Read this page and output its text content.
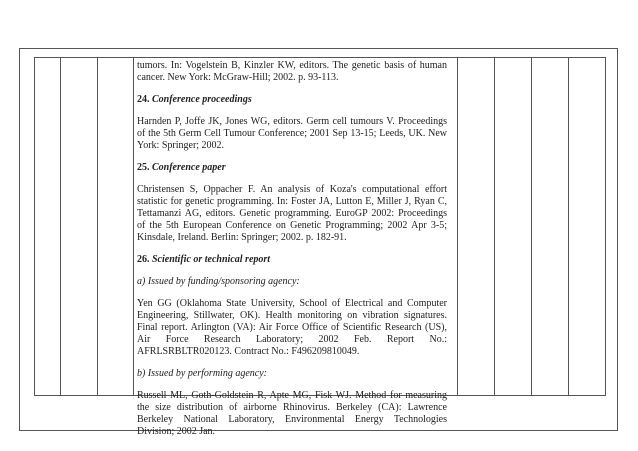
tumors. In: Vogelstein B, Kinzler KW, editors. The genetic basis of human cancer. New York: McGraw-Hill; 2002. p. 93-113.

24. Conference proceedings

Harnden P, Joffe JK, Jones WG, editors. Germ cell tumours V. Proceedings of the 5th Germ Cell Tumour Conference; 2001 Sep 13-15; Leeds, UK. New York: Springer; 2002.

25. Conference paper

Christensen S, Oppacher F. An analysis of Koza's computational effort statistic for genetic programming. In: Foster JA, Lutton E, Miller J, Ryan C, Tettamanzi AG, editors. Genetic programming. EuroGP 2002: Proceedings of the 5th European Conference on Genetic Programming; 2002 Apr 3-5; Kinsdale, Ireland. Berlin: Springer; 2002. p. 182-91.

26. Scientific or technical report

a) Issued by funding/sponsoring agency:

Yen GG (Oklahoma State University, School of Electrical and Computer Engineering, Stillwater, OK). Health monitoring on vibration signatures. Final report. Arlington (VA): Air Force Office of Scientific Research (US), Air Force Research Laboratory; 2002 Feb. Report No.: AFRLSRBLTR020123. Contract No.: F496209810049.

b) Issued by performing agency:

Russell ML, Goth-Goldstein R, Apte MG, Fisk WJ. Method for measuring the size distribution of airborne Rhinovirus. Berkeley (CA): Lawrence Berkeley National Laboratory, Environmental Energy Technologies Division; 2002 Jan.
